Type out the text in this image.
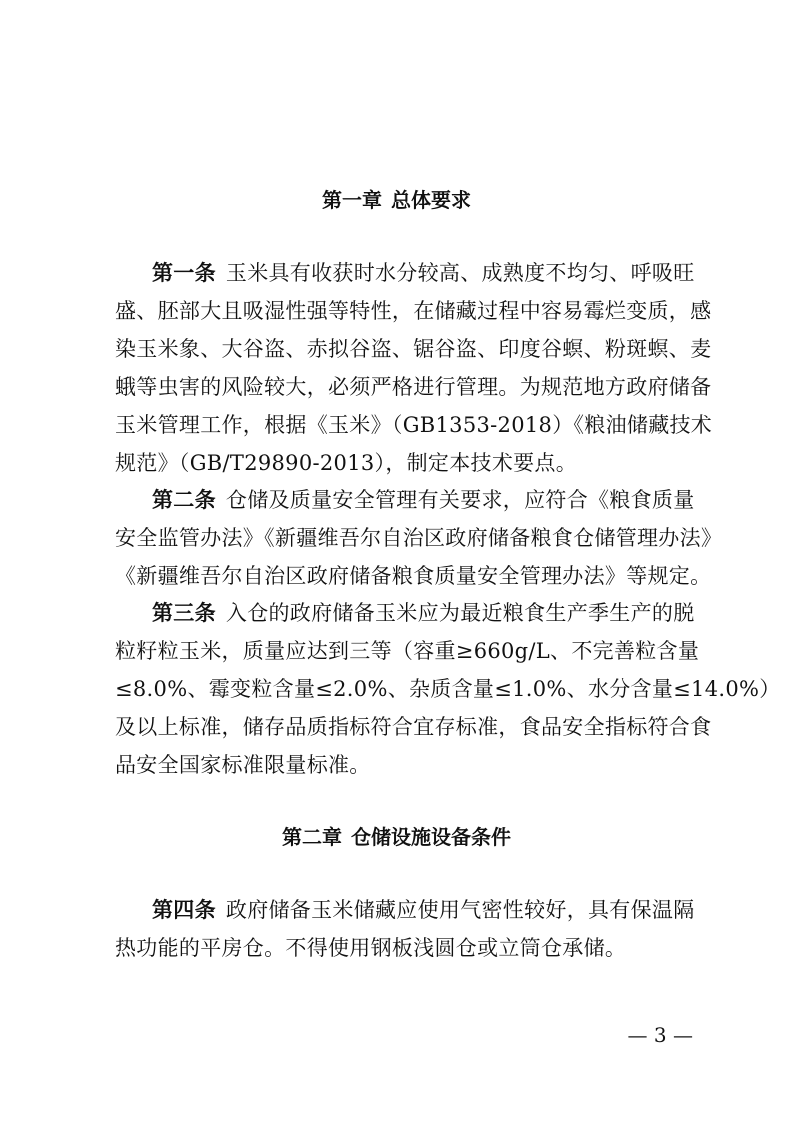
第一章 总体要求

第一条 玉米具有收获时水分较高、成熟度不均匀、呼吸旺

盛、胚部大且吸湿性强等特性，在储藏过程中容易霉烂变质，感

染玉米象、大谷盗、赤拟谷盗、锯谷盗、印度谷螟、粉斑螟、麦

蛾等虫害的风险较大，必须严格进行管理。为规范地方政府储备

玉米管理工作，根据《玉米》（GB1353-2018）《粮油储藏技术

规范》（GB/T29890-2013），制定本技术要点。

第二条 仓储及质量安全管理有关要求，应符合《粮食质量

安全监管办法》《新疆维吾尔自治区政府储备粮食仓储管理办法》

《新疆维吾尔自治区政府储备粮食质量安全管理办法》等规定。

第三条 入仓的政府储备玉米应为最近粮食生产季生产的脱

粒籽粒玉米，质量应达到三等（容重≥660g/L、不完善粒含量

≤8.0%、霉变粒含量≤2.0%、杂质含量≤1.0%、水分含量≤14.0%）

及以上标准，储存品质指标符合宜存标准，食品安全指标符合食

品安全国家标准限量标准。

第二章 仓储设施设备条件

第四条 政府储备玉米储藏应使用气密性较好，具有保温隔

热功能的平房仓。不得使用钢板浅圆仓或立筒仓承储。

— 3 —
